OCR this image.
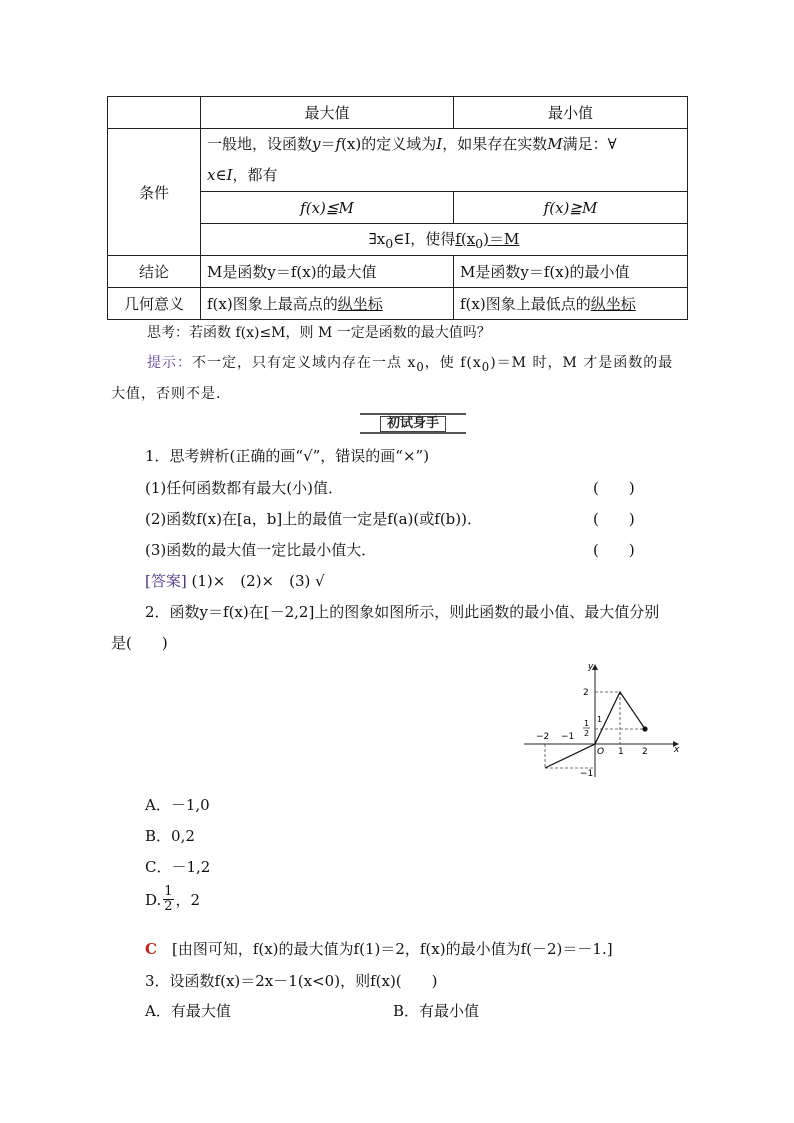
	最大值	最小值
条件	一般地，设函数y＝f(x)的定义域为I，如果存在实数M满足：∀
x∈I，都有	
	f(x)≦M	f(x)≧M
	$\exists x_0\in I$，使得$f(x_0)=M$	
结论	M是函数y＝f(x)的最大值	M是函数y＝f(x)的最小值
几何意义	f(x)图象上最高点的纵坐标	f(x)图象上最低点的纵坐标
思考：若函数 f(x)≤M，则 M 一定是函数的最大值吗？
提示：不一定，只有定义域内存在一点 $x_0$，使 $f(x_0)=M$ 时，M 才是函数的最
大值，否则不是.
初试身手
1．思考辨析(正确的画“√”，错误的画“×”)
(1)任何函数都有最大(小)值．	(　　)
(2)函数f(x)在[a，b]上的最值一定是f(a)(或f(b))．	(　　)
(3)函数的最大值一定比最小值大．	(　　)
[答案] (1)×　(2)×　(3) √
2．函数y＝f(x)在[－2,2]上的图象如图所示，则此函数的最小值、最大值分别
是(　　)
y
x
O
−2 −1
1 2
2
1
1
2
−1
A．－1,0
B．0,2
C．－1,2
D. 1
2 ，2
C　 [由图可知，f(x)的最大值为f(1)＝2，f(x)的最小值为f(－2)＝－1.]
3．设函数f(x)＝2x－1(x<0)，则f(x)(　　)
A．有最大值	B．有最小值
